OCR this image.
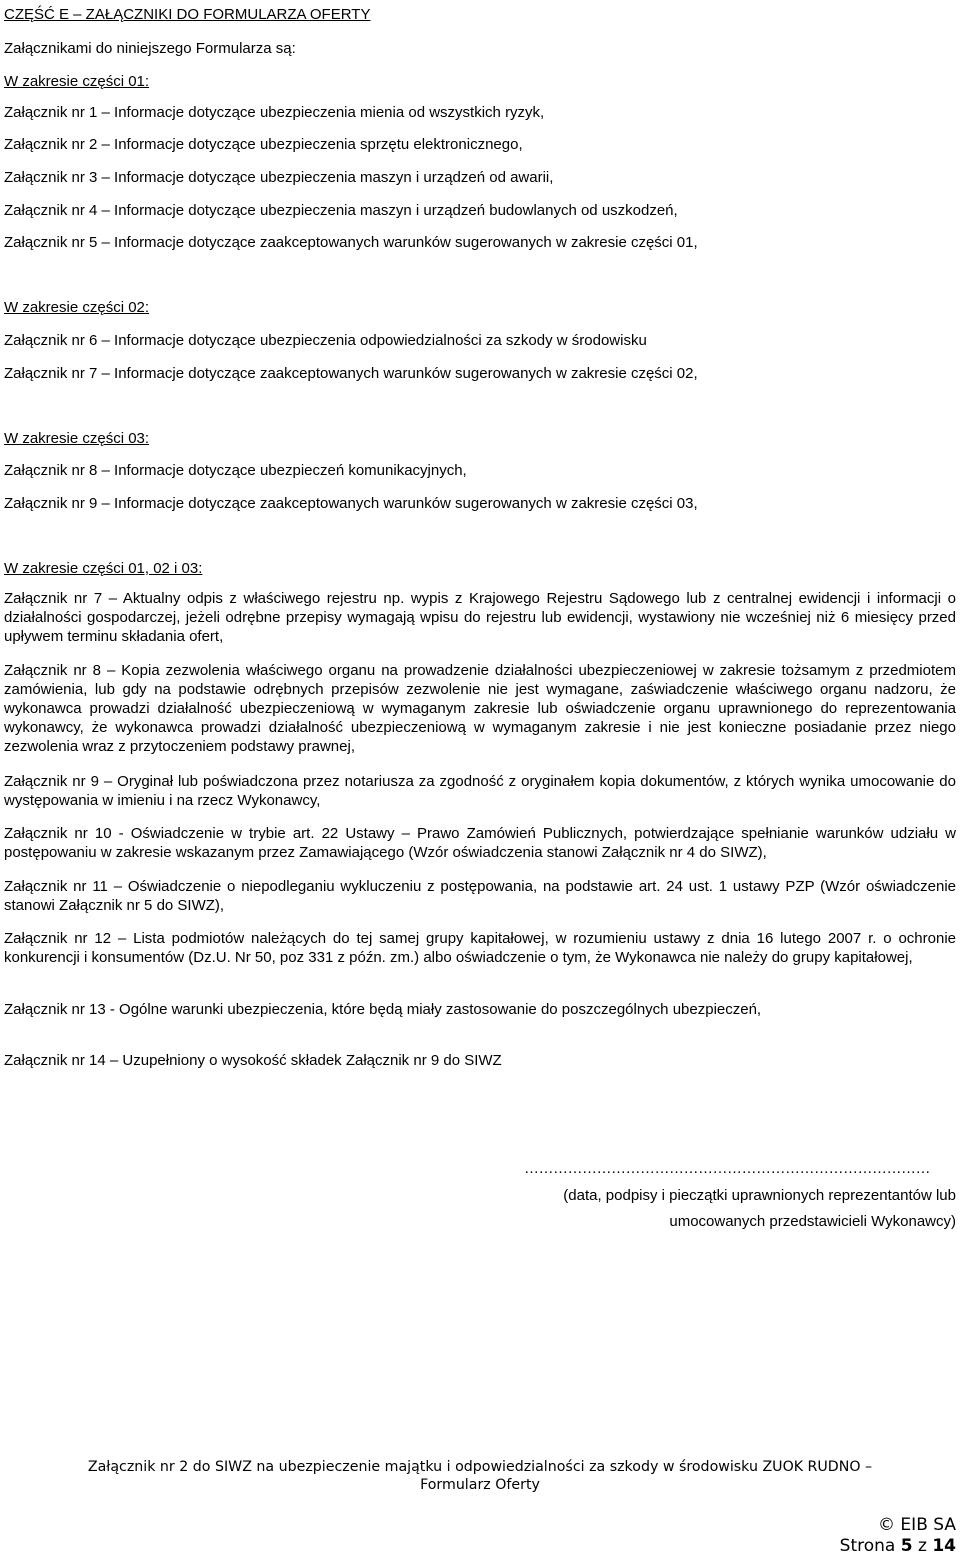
CZĘŚĆ E – ZAŁĄCZNIKI DO FORMULARZA OFERTY
Załącznikami do niniejszego Formularza są:
W zakresie części 01:
Załącznik nr 1 – Informacje dotyczące ubezpieczenia mienia od wszystkich ryzyk,
Załącznik nr 2 – Informacje dotyczące ubezpieczenia sprzętu elektronicznego,
Załącznik nr 3 – Informacje dotyczące ubezpieczenia maszyn i urządzeń od awarii,
Załącznik nr 4 – Informacje dotyczące ubezpieczenia maszyn i urządzeń budowlanych od uszkodzeń,
Załącznik nr 5 – Informacje dotyczące zaakceptowanych warunków sugerowanych w zakresie części 01,
W zakresie części 02:
Załącznik nr 6 – Informacje dotyczące ubezpieczenia odpowiedzialności za szkody w środowisku
Załącznik nr 7 – Informacje dotyczące zaakceptowanych warunków sugerowanych w zakresie części 02,
W zakresie części 03:
Załącznik nr 8 – Informacje dotyczące ubezpieczeń komunikacyjnych,
Załącznik nr 9 – Informacje dotyczące zaakceptowanych warunków sugerowanych w zakresie części 03,
W zakresie części 01, 02 i 03:
Załącznik nr 7 – Aktualny odpis z właściwego rejestru np. wypis z Krajowego Rejestru Sądowego lub z centralnej ewidencji i informacji o działalności gospodarczej, jeżeli odrębne przepisy wymagają wpisu do rejestru lub ewidencji, wystawiony nie wcześniej niż 6 miesięcy przed upływem terminu składania ofert,
Załącznik nr 8 – Kopia zezwolenia właściwego organu na prowadzenie działalności ubezpieczeniowej w zakresie tożsamym z przedmiotem zamówienia, lub gdy na podstawie odrębnych przepisów zezwolenie nie jest wymagane, zaświadczenie właściwego organu nadzoru, że wykonawca prowadzi działalność ubezpieczeniową w wymaganym zakresie lub oświadczenie organu uprawnionego do reprezentowania wykonawcy, że wykonawca prowadzi działalność ubezpieczeniową w wymaganym zakresie i nie jest konieczne posiadanie przez niego zezwolenia wraz z przytoczeniem podstawy prawnej,
Załącznik nr 9 – Oryginał lub poświadczona przez notariusza za zgodność z oryginałem kopia dokumentów, z których wynika umocowanie do występowania w imieniu i na rzecz Wykonawcy,
Załącznik nr 10 - Oświadczenie w trybie art. 22 Ustawy – Prawo Zamówień Publicznych, potwierdzające spełnianie warunków udziału w postępowaniu w zakresie wskazanym przez Zamawiającego (Wzór oświadczenia stanowi Załącznik nr 4 do SIWZ),
Załącznik nr 11 – Oświadczenie o niepodleganiu wykluczeniu z postępowania, na podstawie art. 24 ust. 1 ustawy PZP (Wzór oświadczenie stanowi Załącznik nr 5 do SIWZ),
Załącznik nr 12 – Lista podmiotów należących do tej samej grupy kapitałowej, w rozumieniu ustawy z dnia 16 lutego 2007 r. o ochronie konkurencji i konsumentów (Dz.U. Nr 50, poz 331 z późn. zm.) albo oświadczenie o tym, że Wykonawca nie należy do grupy kapitałowej,
Załącznik nr 13 - Ogólne warunki ubezpieczenia, które będą miały zastosowanie do poszczególnych ubezpieczeń,
Załącznik nr 14 – Uzupełniony o wysokość składek Załącznik nr 9 do SIWZ
…………………………………………………………………………
(data, podpisy i pieczątki uprawnionych reprezentantów lub
umocowanych przedstawicieli Wykonawcy)
Załącznik nr 2 do SIWZ na ubezpieczenie majątku i odpowiedzialności za szkody w środowisku ZUOK RUDNO –
Formularz Oferty
© EIB SA
Strona 5 z 14
